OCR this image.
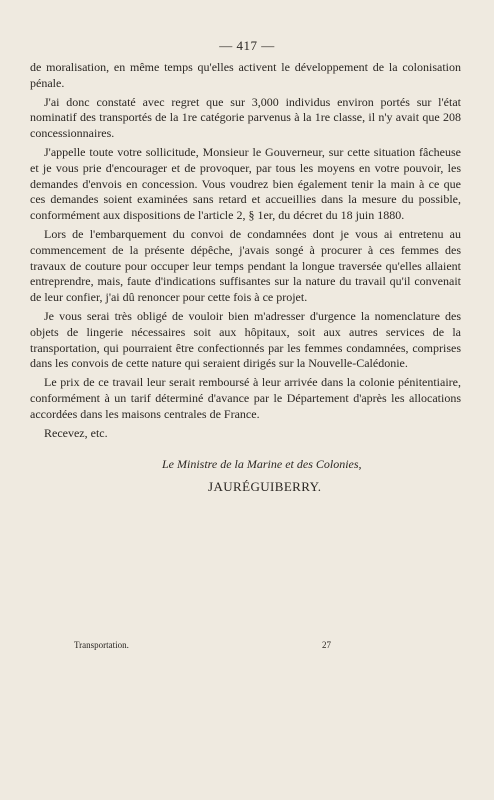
— 417 —

de moralisation, en même temps qu'elles activent le développement de la colonisation pénale.

J'ai donc constaté avec regret que sur 3,000 individus environ portés sur l'état nominatif des transportés de la 1re catégorie parvenus à la 1re classe, il n'y avait que 208 concessionnaires.

J'appelle toute votre sollicitude, Monsieur le Gouverneur, sur cette situation fâcheuse et je vous prie d'encourager et de provoquer, par tous les moyens en votre pouvoir, les demandes d'envois en concession. Vous voudrez bien également tenir la main à ce que ces demandes soient examinées sans retard et accueillies dans la mesure du possible, conformément aux dispositions de l'article 2, § 1er, du décret du 18 juin 1880.

Lors de l'embarquement du convoi de condamnées dont je vous ai entretenu au commencement de la présente dépêche, j'avais songé à procurer à ces femmes des travaux de couture pour occuper leur temps pendant la longue traversée qu'elles allaient entreprendre, mais, faute d'indications suffisantes sur la nature du travail qu'il convenait de leur confier, j'ai dû renoncer pour cette fois à ce projet.

Je vous serai très obligé de vouloir bien m'adresser d'urgence la nomenclature des objets de lingerie nécessaires soit aux hôpitaux, soit aux autres services de la transportation, qui pourraient être confectionnés par les femmes condamnées, comprises dans les convois de cette nature qui seraient dirigés sur la Nouvelle-Calédonie.

Le prix de ce travail leur serait remboursé à leur arrivée dans la colonie pénitentiaire, conformément à un tarif déterminé d'avance par le Département d'après les allocations accordées dans les maisons centrales de France.

Recevez, etc.

Le Ministre de la Marine et des Colonies,
JAURÉGUIBERRY.
Transportation.	27
